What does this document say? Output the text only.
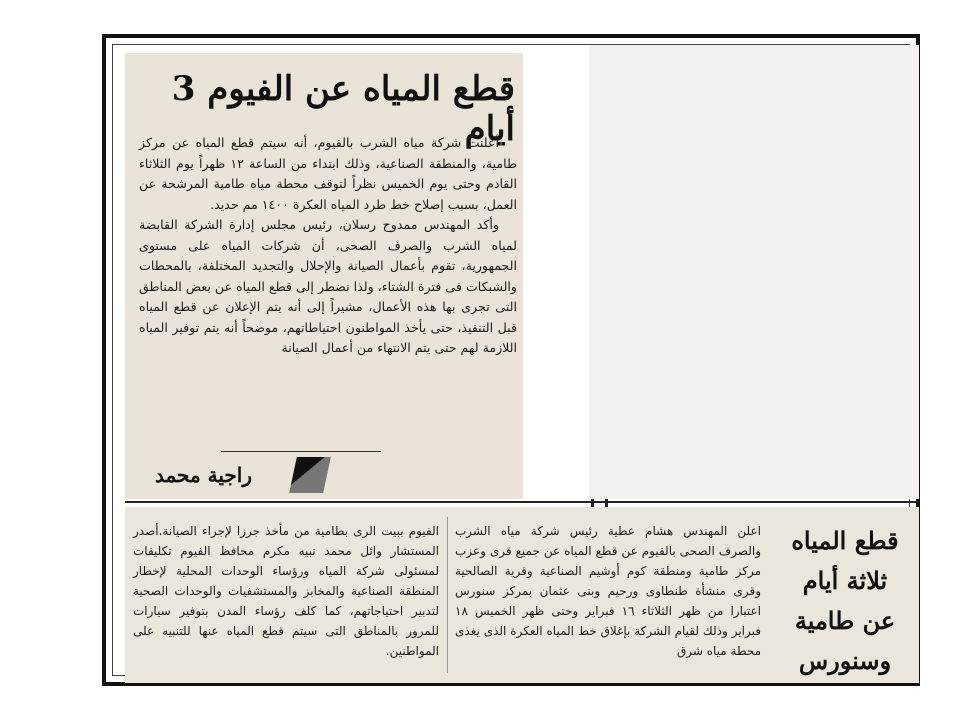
قطع المياه عن الفيوم 3 أيام

أعلنت شركة مياه الشرب بالفيوم، أنه سيتم قطع المياه عن مركز طامية، والمنطقة الصناعية، وذلك ابتداء من الساعة ١٢ ظهراً يوم الثلاثاء القادم وحتى يوم الخميس نظراً لتوقف محطة مياه طامية المرشحة عن العمل، بسبب إصلاح خط طرد المياه العكرة ١٤٠٠ مم حديد.

وأكد المهندس ممدوح رسلان، رئيس مجلس إدارة الشركة القابضة لمياه الشرب والصرف الصحى، أن شركات المياه على مستوى الجمهورية، تقوم بأعمال الصيانة والإحلال والتجديد المختلفة، بالمحطات والشبكات فى فترة الشتاء، ولذا نضطر إلى قطع المياه عن بعض المناطق التى تجرى بها هذه الأعمال، مشيراً إلى أنه يتم الإعلان عن قطع المياه قبل التنفيذ، حتى يأخذ المواطنون احتياطاتهم، موضحاً أنه يتم توفير المياه اللازمة لهم حتى يتم الانتهاء من أعمال الصيانة

راجية محمد
قطع المياه ثلاثة أيام عن طامية وسنورس
اعلن المهندس هشام عطية رئيس شركة مياه الشرب والصرف الصحى بالفيوم عن قطع المياه عن جميع قرى وعزب مركز طامية ومنطقة كوم أوشيم الصناعية وقرية الصالحية وقرى منشأة طنطاوى ورحيم وبنى عثمان بمركز سنورس اعتبارا من ظهر الثلاثاء ١٦ فبراير وحتى ظهر الخميس ١٨ فبراير وذلك لقيام الشركة بإغلاق خط المياه العكرة الذى يغذى محطة مياه شرق
الفيوم ببيت الرى بطامية من مأخذ جرزا لإجراء الصيانة.أصدر المستشار وائل محمد نبيه مكرم محافظ الفيوم تكليفات لمسئولى شركة المياه ورؤساء الوحدات المحلية لإخطار المنطقة الصناعية والمخابز والمستشفيات والوحدات الصحية لتدبير احتياجاتهم، كما كلف رؤساء المدن بتوفير سيارات للمرور بالمناطق التى سيتم قطع المياه عنها للتنبيه على المواطنين.
